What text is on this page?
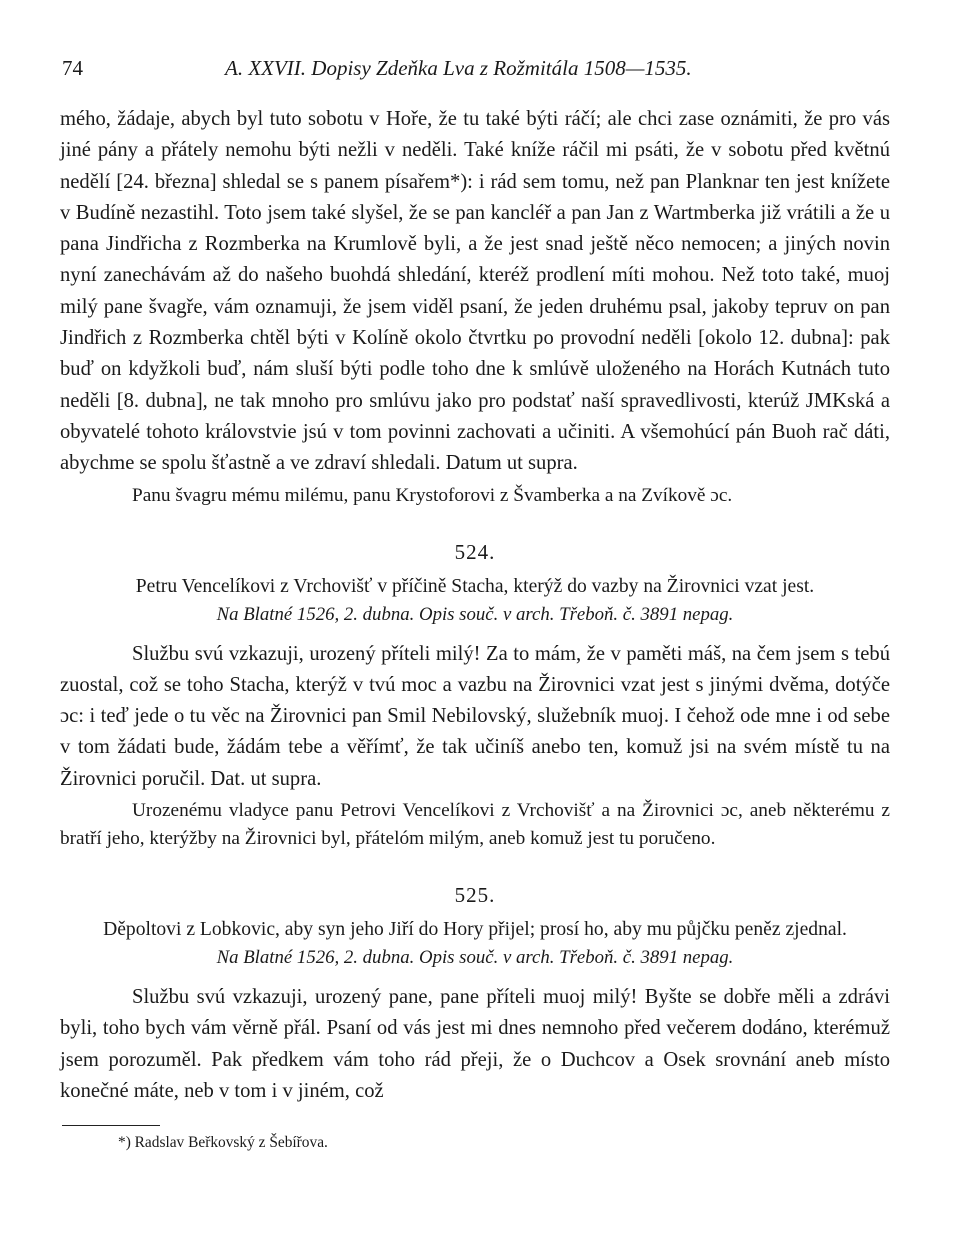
74	A. XXVII. Dopisy Zdeňka Lva z Rožmitála 1508—1535.

mého, žádaje, abych byl tuto sobotu v Hoře, že tu také býti ráčí; ale chci zase oznámiti, že pro vás jiné pány a přátely nemohu býti nežli v neděli. Také kníže ráčil mi psáti, že v sobotu před květnú nedělí [24. března] shledal se s panem písařem*): i rád sem tomu, než pan Planknar ten jest knížete v Budíně nezastihl. Toto jsem také slyšel, že se pan kancléř a pan Jan z Wartmberka již vrátili a že u pana Jindřicha z Rozmberka na Krumlově byli, a že jest snad ještě něco nemocen; a jiných novin nyní zanechávám až do našeho buohdá shledání, kteréž prodlení míti mohou. Než toto také, muoj milý pane švagře, vám oznamuji, že jsem viděl psaní, že jeden druhému psal, jakoby tepruv on pan Jindřich z Rozmberka chtěl býti v Kolíně okolo čtvrtku po provodní neděli [okolo 12. dubna]: pak buď on kdyžkoli buď, nám sluší býti podle toho dne k smlúvě uloženého na Horách Kutnách tuto neděli [8. dubna], ne tak mnoho pro smlúvu jako pro podstať naší spravedlivosti, kterúž JMKská a obyvatelé tohoto královstvie jsú v tom povinni zachovati a učiniti. A všemohúcí pán Buoh rač dáti, abychme se spolu šťastně a ve zdraví shledali. Datum ut supra.

Panu švagru mému milému, panu Krystoforovi z Švamberka a na Zvíkově ɔc.

524.

Petru Vencelíkovi z Vrchovišť v příčině Stacha, kterýž do vazby na Žirovnici vzat jest.

Na Blatné 1526, 2. dubna. Opis souč. v arch. Třeboň. č. 3891 nepag.

Službu svú vzkazuji, urozený příteli milý! Za to mám, že v paměti máš, na čem jsem s tebú zuostal, což se toho Stacha, kterýž v tvú moc a vazbu na Žirovnici vzat jest s jinými dvěma, dotýče ɔc: i teď jede o tu věc na Žirovnici pan Smil Nebilovský, služebník muoj. I čehož ode mne i od sebe v tom žádati bude, žádám tebe a věřímť, že tak učiníš anebo ten, komuž jsi na svém místě tu na Žirovnici poručil. Dat. ut supra.

Urozenému vladyce panu Petrovi Vencelíkovi z Vrchovišť a na Žirovnici ɔc, aneb některému z bratří jeho, kterýžby na Žirovnici byl, přátelóm milým, aneb komuž jest tu poručeno.

525.

Děpoltovi z Lobkovic, aby syn jeho Jiří do Hory přijel; prosí ho, aby mu půjčku peněz zjednal.

Na Blatné 1526, 2. dubna. Opis souč. v arch. Třeboň. č. 3891 nepag.

Službu svú vzkazuji, urozený pane, pane příteli muoj milý! Byšte se dobře měli a zdrávi byli, toho bych vám věrně přál. Psaní od vás jest mi dnes nemnoho před večerem dodáno, kterémuž jsem porozuměl. Pak předkem vám toho rád přeji, že o Duchcov a Osek srovnání aneb místo konečné máte, neb v tom i v jiném, což

*) Radslav Beřkovský z Šebířova.
